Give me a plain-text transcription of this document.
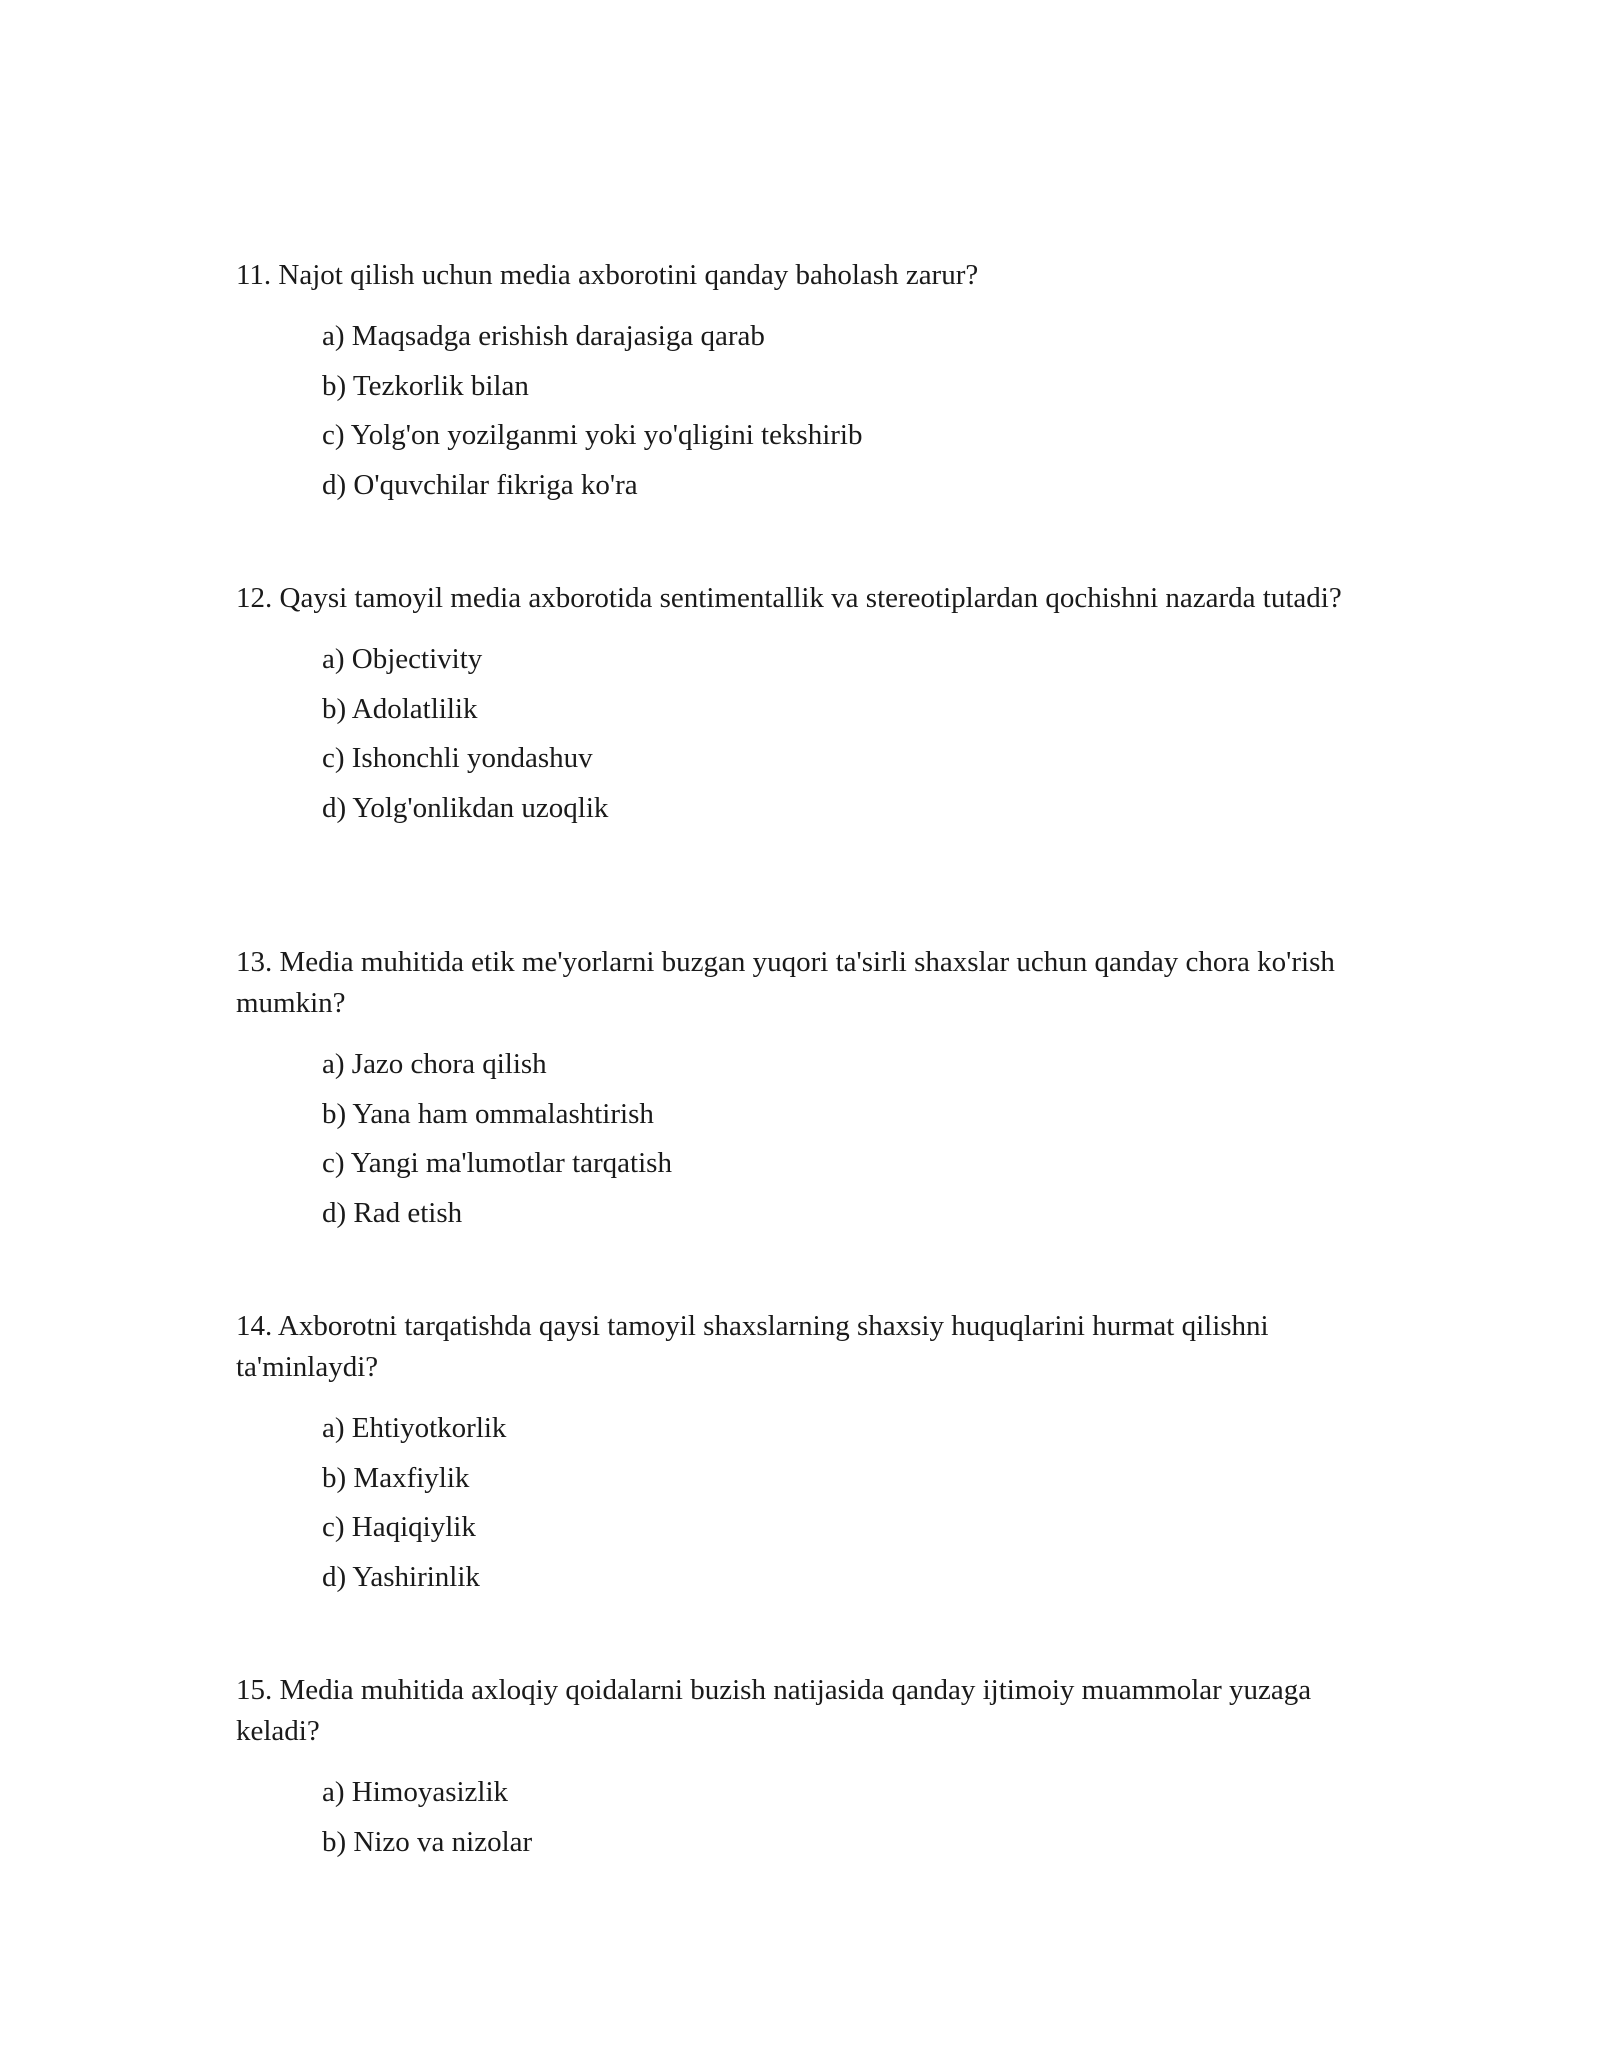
11. Najot qilish uchun media axborotini qanday baholash zarur?

a) Maqsadga erishish darajasiga qarab
b) Tezkorlik bilan
c) Yolg'on yozilganmi yoki yo'qligini tekshirib
d) O'quvchilar fikriga ko'ra

12. Qaysi tamoyil media axborotida sentimentallik va stereotiplardan qochishni nazarda tutadi?

a) Objectivity
b) Adolatlilik
c) Ishonchli yondashuv
d) Yolg'onlikdan uzoqlik

13. Media muhitida etik me'yorlarni buzgan yuqori ta'sirli shaxslar uchun qanday chora ko'rish mumkin?

a) Jazo chora qilish
b) Yana ham ommalashtirish
c) Yangi ma'lumotlar tarqatish
d) Rad etish

14. Axborotni tarqatishda qaysi tamoyil shaxslarning shaxsiy huquqlarini hurmat qilishni ta'minlaydi?

a) Ehtiyotkorlik
b) Maxfiylik
c) Haqiqiylik
d) Yashirinlik

15. Media muhitida axloqiy qoidalarni buzish natijasida qanday ijtimoiy muammolar yuzaga keladi?

a) Himoyasizlik
b) Nizo va nizolar
